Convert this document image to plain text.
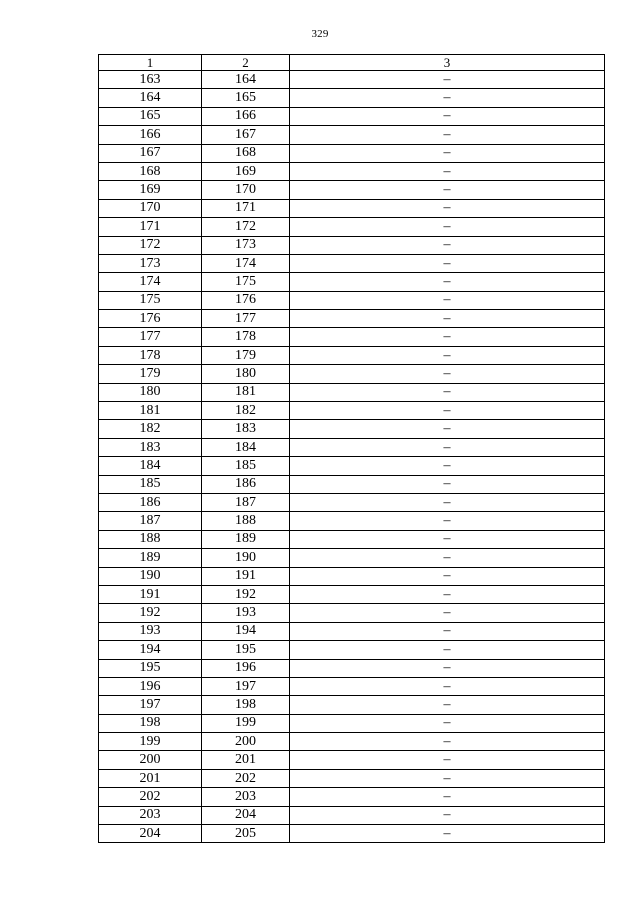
329
1	2	3
163	164	–
164	165	–
165	166	–
166	167	–
167	168	–
168	169	–
169	170	–
170	171	–
171	172	–
172	173	–
173	174	–
174	175	–
175	176	–
176	177	–
177	178	–
178	179	–
179	180	–
180	181	–
181	182	–
182	183	–
183	184	–
184	185	–
185	186	–
186	187	–
187	188	–
188	189	–
189	190	–
190	191	–
191	192	–
192	193	–
193	194	–
194	195	–
195	196	–
196	197	–
197	198	–
198	199	–
199	200	–
200	201	–
201	202	–
202	203	–
203	204	–
204	205	–
